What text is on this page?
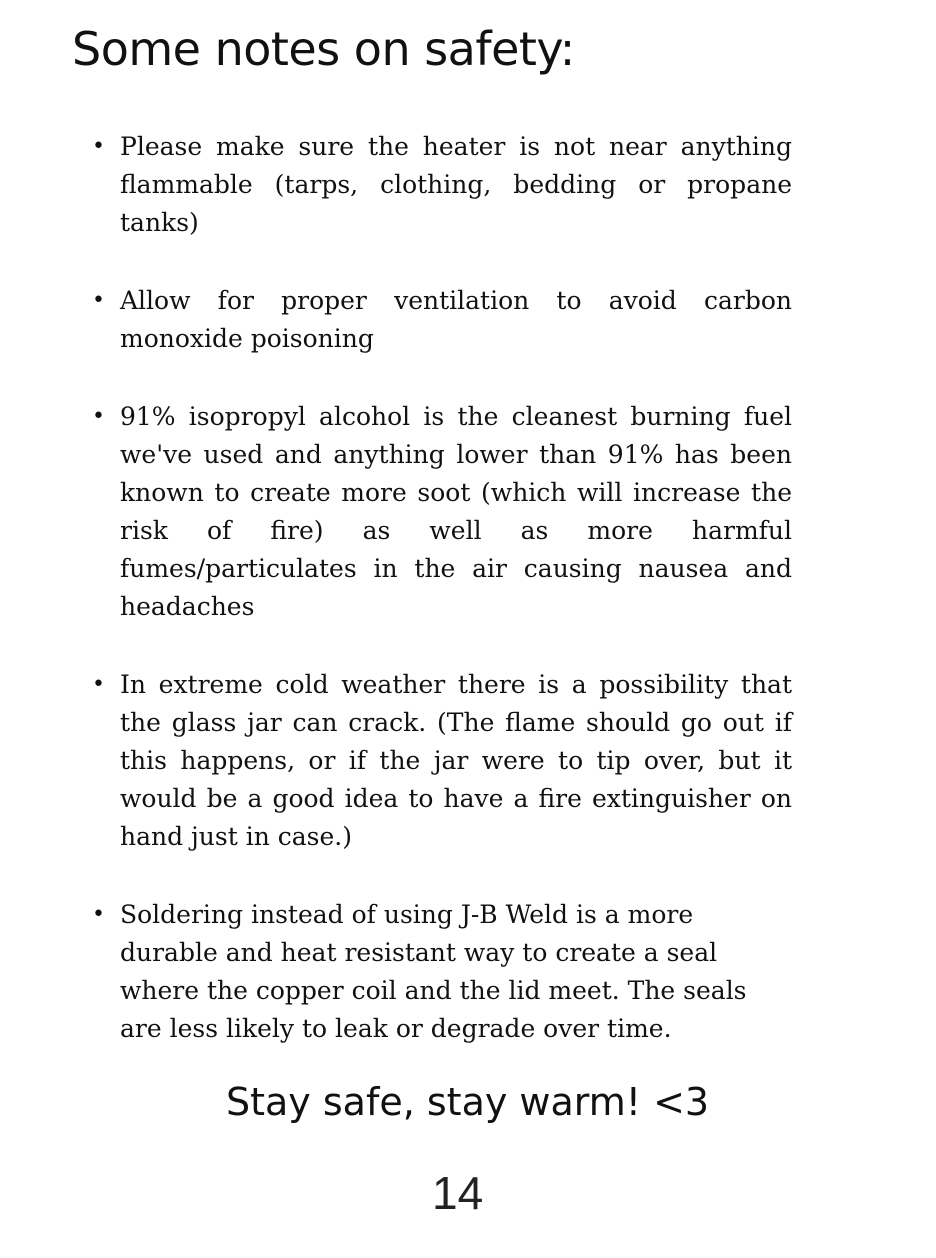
Some notes on safety:
• Please make sure the heater is not near anything flammable (tarps, clothing, bedding or propane tanks)
• Allow for proper ventilation to avoid carbon monoxide poisoning
• 91% isopropyl alcohol is the cleanest burning fuel we've used and anything lower than 91% has been known to create more soot (which will increase the risk of fire) as well as more harmful fumes/particulates in the air causing nausea and headaches
• In extreme cold weather there is a possibility that the glass jar can crack. (The flame should go out if this happens, or if the jar were to tip over, but it would be a good idea to have a fire extinguisher on hand just in case.)
• Soldering instead of using J-B Weld is a more durable and heat resistant way to create a seal where the copper coil and the lid meet. The seals are less likely to leak or degrade over time.

Stay safe, stay warm! <3

14
